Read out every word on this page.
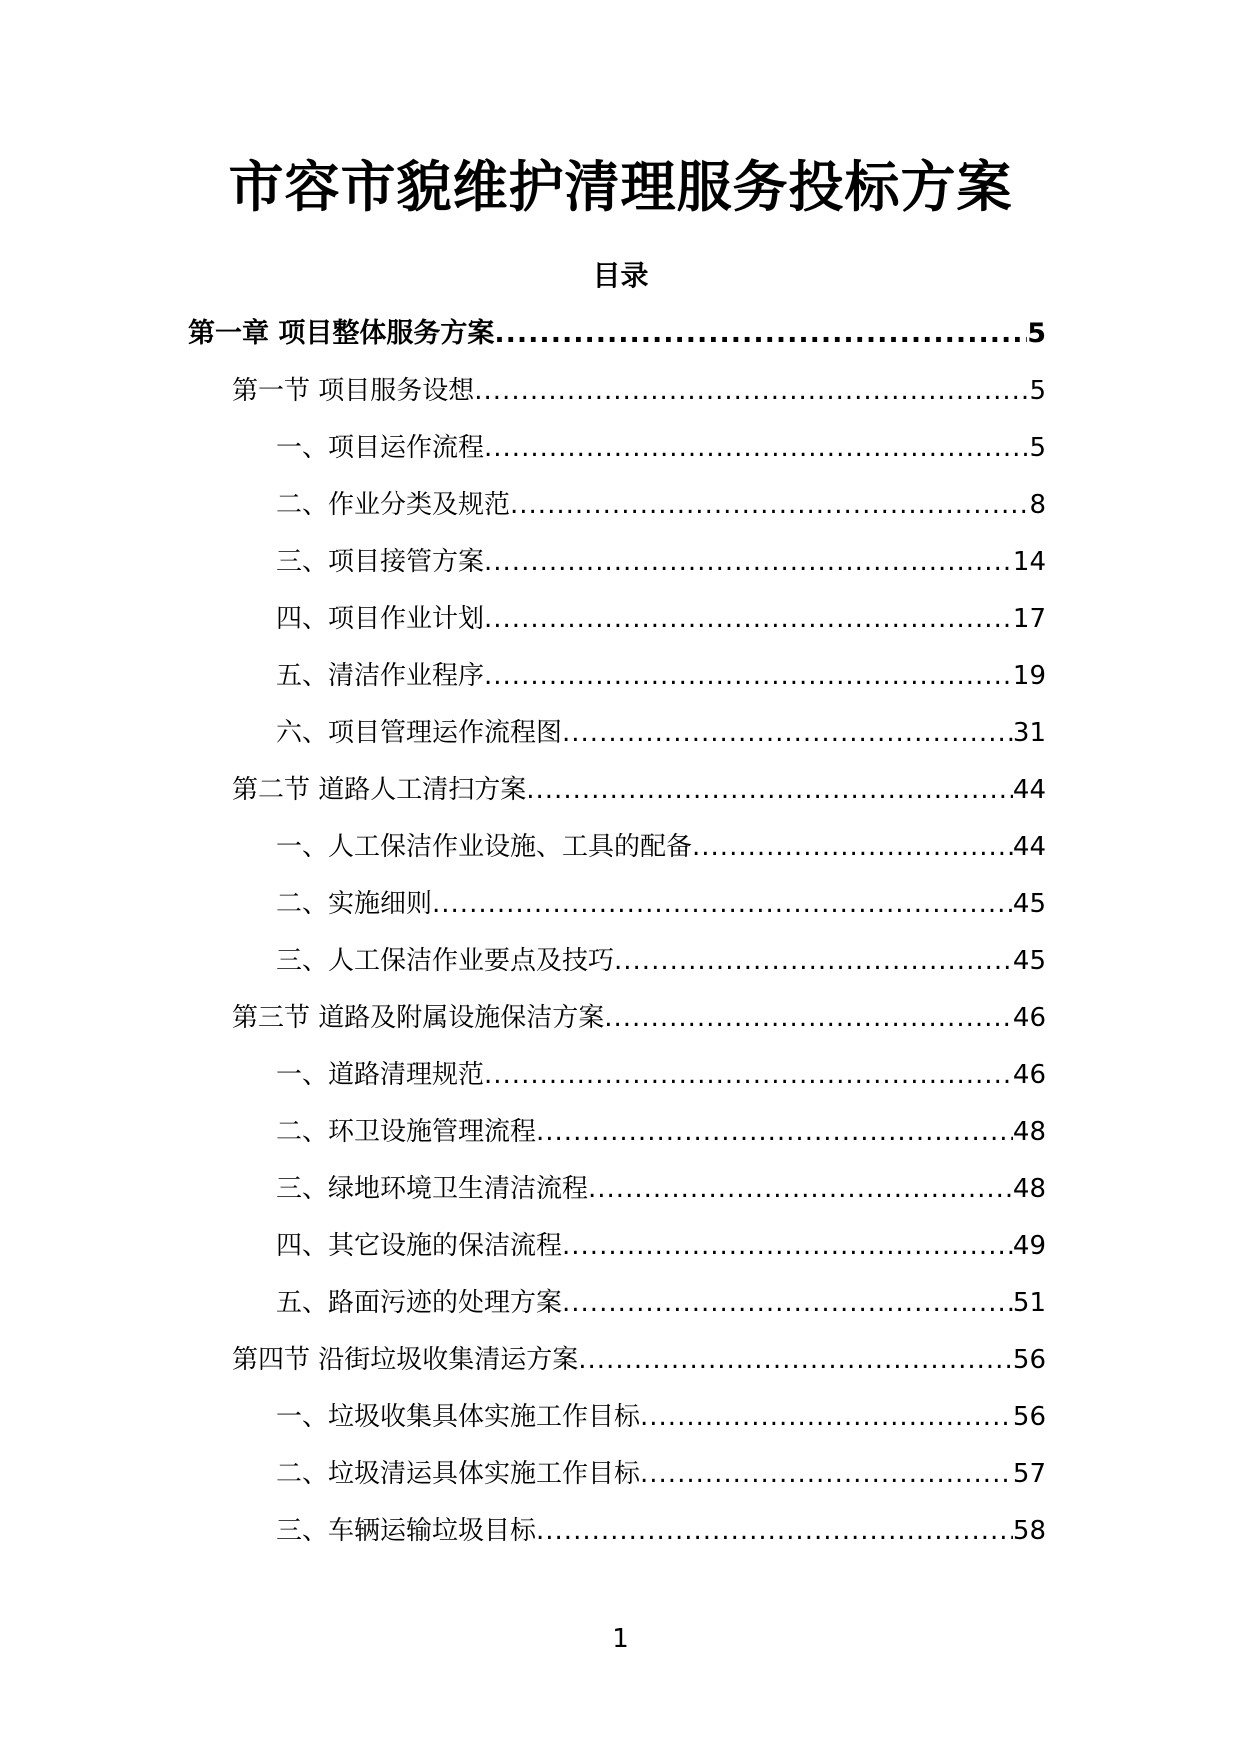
市容市貌维护清理服务投标方案
目录
第一章 项目整体服务方案 .....	5
第一节 项目服务设想 .....	5
一、项目运作流程 .....	5
二、作业分类及规范 .....	8
三、项目接管方案 .....	14
四、项目作业计划 .....	17
五、清洁作业程序 .....	19
六、项目管理运作流程图 .....	31
第二节 道路人工清扫方案 .....	44
一、人工保洁作业设施、工具的配备 .....	44
二、实施细则 .....	45
三、人工保洁作业要点及技巧 .....	45
第三节 道路及附属设施保洁方案 .....	46
一、道路清理规范 .....	46
二、环卫设施管理流程 .....	48
三、绿地环境卫生清洁流程 .....	48
四、其它设施的保洁流程 .....	49
五、路面污迹的处理方案 .....	51
第四节 沿街垃圾收集清运方案 .....	56
一、垃圾收集具体实施工作目标 .....	56
二、垃圾清运具体实施工作目标 .....	57
三、车辆运输垃圾目标 .....	58
1
